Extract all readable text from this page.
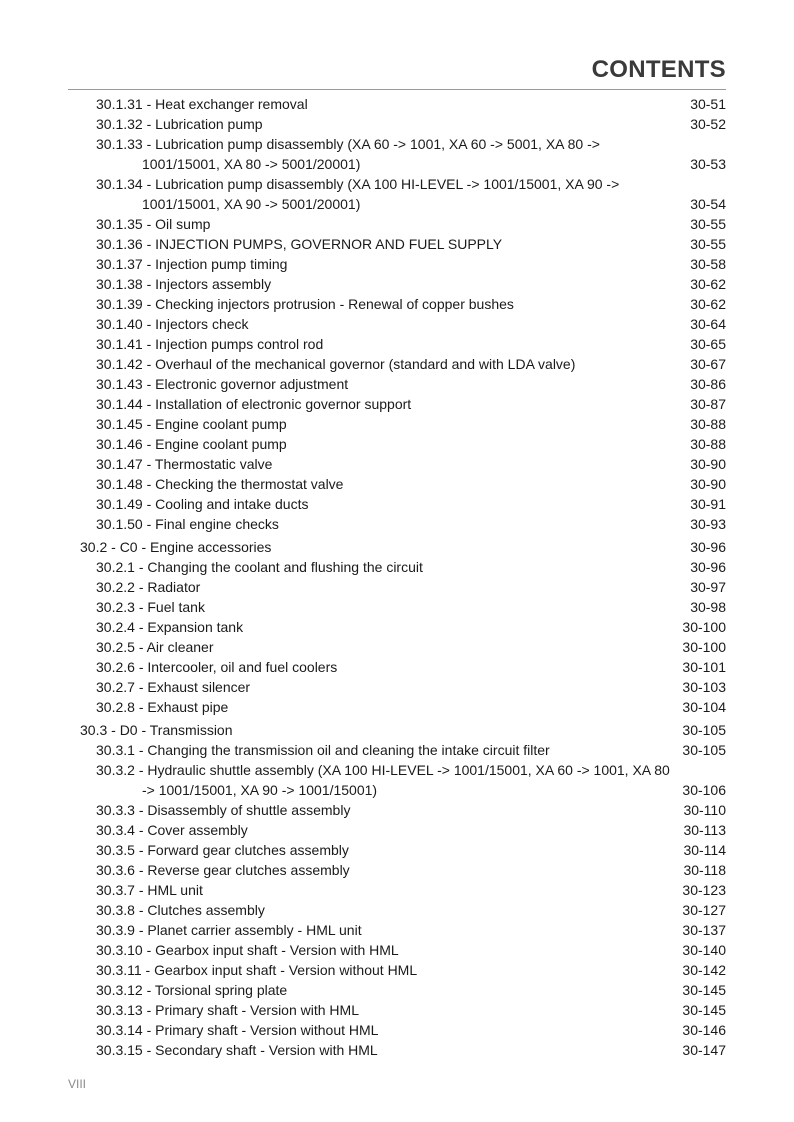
CONTENTS
30.1.31 - Heat exchanger removal	30-51
30.1.32 - Lubrication pump	30-52
30.1.33 - Lubrication pump disassembly (XA 60 -> 1001, XA 60 -> 5001, XA 80 -> 1001/15001, XA 80 -> 5001/20001)	30-53
30.1.34 - Lubrication pump disassembly (XA 100 HI-LEVEL -> 1001/15001, XA 90 -> 1001/15001, XA 90 -> 5001/20001)	30-54
30.1.35 - Oil sump	30-55
30.1.36 - INJECTION PUMPS, GOVERNOR AND FUEL SUPPLY	30-55
30.1.37 - Injection pump timing	30-58
30.1.38 - Injectors assembly	30-62
30.1.39 - Checking injectors protrusion - Renewal of copper bushes	30-62
30.1.40 - Injectors check	30-64
30.1.41 - Injection pumps control rod	30-65
30.1.42 - Overhaul of the mechanical governor (standard and with LDA valve)	30-67
30.1.43 - Electronic governor adjustment	30-86
30.1.44 - Installation of electronic governor support	30-87
30.1.45 - Engine coolant pump	30-88
30.1.46 - Engine coolant pump	30-88
30.1.47 - Thermostatic valve	30-90
30.1.48 - Checking the thermostat valve	30-90
30.1.49 - Cooling and intake ducts	30-91
30.1.50 - Final engine checks	30-93
30.2 - C0 - Engine accessories	30-96
30.2.1 - Changing the coolant and flushing the circuit	30-96
30.2.2 - Radiator	30-97
30.2.3 - Fuel tank	30-98
30.2.4 - Expansion tank	30-100
30.2.5 - Air cleaner	30-100
30.2.6 - Intercooler, oil and fuel coolers	30-101
30.2.7 - Exhaust silencer	30-103
30.2.8 - Exhaust pipe	30-104
30.3 - D0 - Transmission	30-105
30.3.1 - Changing the transmission oil and cleaning the intake circuit filter	30-105
30.3.2 - Hydraulic shuttle assembly (XA 100 HI-LEVEL -> 1001/15001, XA 60 -> 1001, XA 80 -> 1001/15001, XA 90 -> 1001/15001)	30-106
30.3.3 - Disassembly of shuttle assembly	30-110
30.3.4 - Cover assembly	30-113
30.3.5 - Forward gear clutches assembly	30-114
30.3.6 - Reverse gear clutches assembly	30-118
30.3.7 - HML unit	30-123
30.3.8 - Clutches assembly	30-127
30.3.9 - Planet carrier assembly - HML unit	30-137
30.3.10 - Gearbox input shaft - Version with HML	30-140
30.3.11 - Gearbox input shaft - Version without HML	30-142
30.3.12 - Torsional spring plate	30-145
30.3.13 - Primary shaft - Version with HML	30-145
30.3.14 - Primary shaft - Version without HML	30-146
30.3.15 - Secondary shaft - Version with HML	30-147
VIII
